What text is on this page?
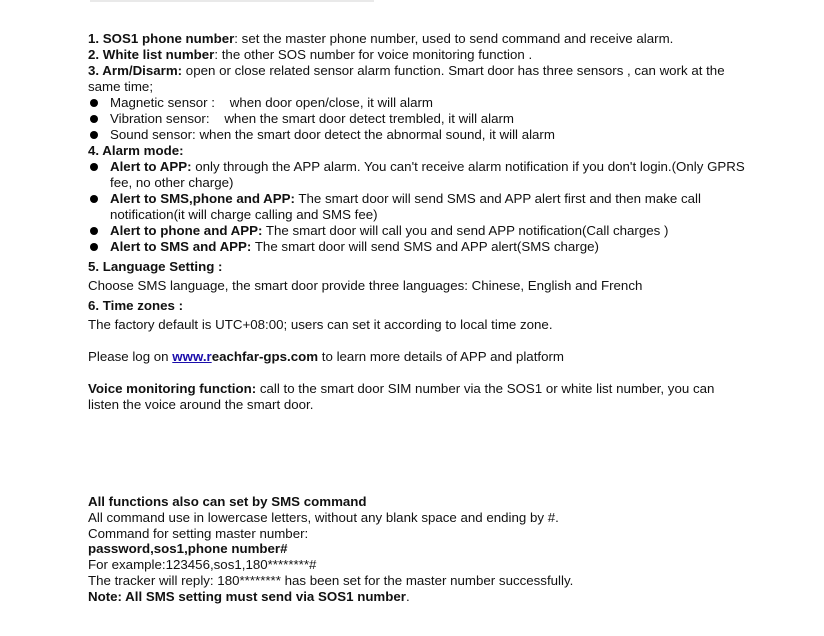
1. SOS1 phone number: set the master phone number, used to send command and receive alarm.

2. White list number: the other SOS number for voice monitoring function .

3. Arm/Disarm: open or close related sensor alarm function. Smart door has three sensors , can work at the same time;

Magnetic sensor :    when door open/close, it will alarm

Vibration sensor:    when the smart door detect trembled, it will alarm

Sound sensor: when the smart door detect the abnormal sound, it will alarm

4. Alarm mode:

Alert to APP: only through the APP alarm. You can't receive alarm notification if you don't login.(Only GPRS fee, no other charge)

Alert to SMS,phone and APP: The smart door will send SMS and APP alert first and then make call notification(it will charge calling and SMS fee)

Alert to phone and APP: The smart door will call you and send APP notification(Call charges )

Alert to SMS and APP: The smart door will send SMS and APP alert(SMS charge)

5. Language Setting :

Choose SMS language, the smart door provide three languages: Chinese, English and French

6. Time zones :

The factory default is UTC+08:00; users can set it according to local time zone.

Please log on www.reachfar-gps.com to learn more details of APP and platform

Voice monitoring function: call to the smart door SIM number via the SOS1 or white list number, you can listen the voice around the smart door.

All functions also can set by SMS command

All command use in lowercase letters, without any blank space and ending by #.

Command for setting master number:

password,sos1,phone number#

For example:123456,sos1,180********#

The tracker will reply: 180******** has been set for the master number successfully.

Note: All SMS setting must send via SOS1 number.
